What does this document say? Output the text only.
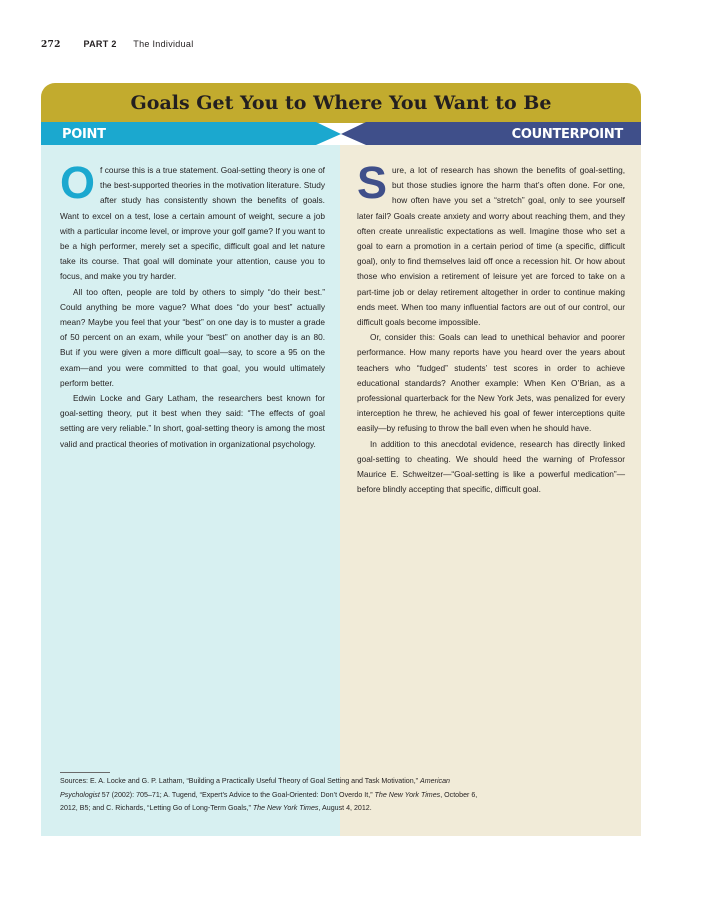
272	PART 2 The Individual
Goals Get You to Where You Want to Be
POINT	COUNTERPOINT

Of course this is a true statement. Goal-setting theory is one of the best-supported theories in the motivation literature. Study after study has consistently shown the benefits of goals. Want to excel on a test, lose a certain amount of weight, secure a job with a particular income level, or improve your golf game? If you want to be a high performer, merely set a specific, difficult goal and let nature take its course. That goal will dominate your attention, cause you to focus, and make you try harder.

All too often, people are told by others to simply “do their best.” Could anything be more vague? What does “do your best” actually mean? Maybe you feel that your “best” on one day is to muster a grade of 50 percent on an exam, while your “best” on another day is an 80. But if you were given a more difficult goal—say, to score a 95 on the exam—and you were committed to that goal, you would ultimately perform better.

Edwin Locke and Gary Latham, the researchers best known for goal-setting theory, put it best when they said: “The effects of goal setting are very reliable.” In short, goal-setting theory is among the most valid and practical theories of motivation in organizational psychology.

Sure, a lot of research has shown the benefits of goal-setting, but those studies ignore the harm that’s often done. For one, how often have you set a “stretch” goal, only to see yourself later fail? Goals create anxiety and worry about reaching them, and they often create unrealistic expectations as well. Imagine those who set a goal to earn a promotion in a certain period of time (a specific, difficult goal), only to find themselves laid off once a recession hit. Or how about those who envision a retirement of leisure yet are forced to take on a part-time job or delay retirement altogether in order to continue making ends meet. When too many influential factors are out of our control, our difficult goals become impossible.

Or, consider this: Goals can lead to unethical behavior and poorer performance. How many reports have you heard over the years about teachers who “fudged” students’ test scores in order to achieve educational standards? Another example: When Ken O’Brian, as a professional quarterback for the New York Jets, was penalized for every interception he threw, he achieved his goal of fewer interceptions quite easily—by refusing to throw the ball even when he should have.

In addition to this anecdotal evidence, research has directly linked goal-setting to cheating. We should heed the warning of Professor Maurice E. Schweitzer—“Goal-setting is like a powerful medication”—before blindly accepting that specific, difficult goal.

Sources: E. A. Locke and G. P. Latham, “Building a Practically Useful Theory of Goal Setting and Task Motivation,” American Psychologist 57 (2002): 705–71; A. Tugend, “Expert’s Advice to the Goal-Oriented: Don’t Overdo It,” The New York Times, October 6, 2012, B5; and C. Richards, “Letting Go of Long-Term Goals,” The New York Times, August 4, 2012.
